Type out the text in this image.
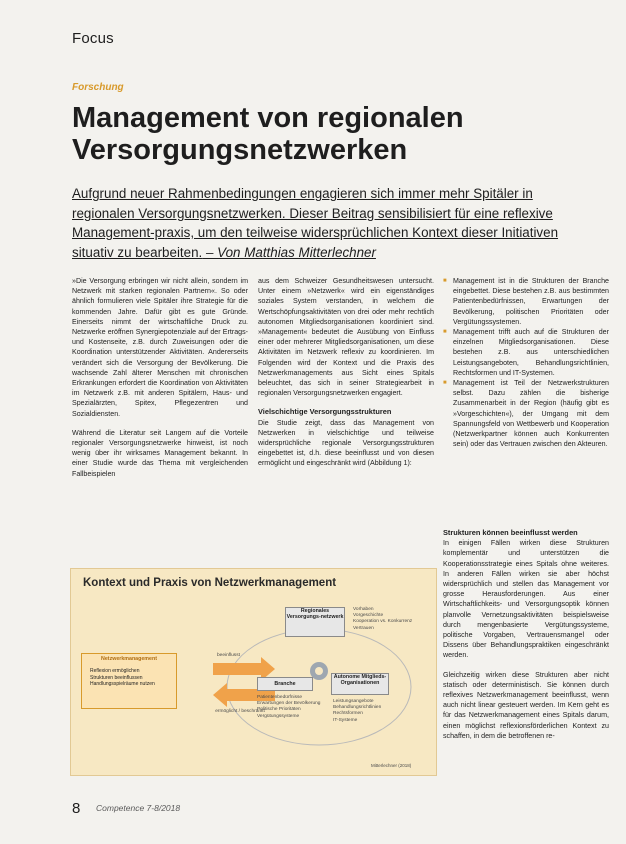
Focus
Forschung
Management von regionalen Versorgungsnetzwerken

Aufgrund neuer Rahmenbedingungen engagieren sich immer mehr Spitäler in regionalen Versorgungsnetzwerken. Dieser Beitrag sensibilisiert für eine reflexive Management-praxis, um den teilweise widersprüchlichen Kontext dieser Initiativen situativ zu bearbeiten. – Von Matthias Mitterlechner

»Die Versorgung erbringen wir nicht allein, sondern im Netzwerk mit starken regionalen Partnern«. So oder ähnlich formulieren viele Spitäler ihre Strategie für die kommenden Jahre. Dafür gibt es gute Gründe. Einerseits nimmt der wirtschaftliche Druck zu. Netzwerke eröffnen Synergiepotenziale auf der Ertrags- und Kostenseite, z.B. durch Zuweisungen oder die Koordination unterstützender Aktivitäten. Andererseits verändert sich die Versorgung der Bevölkerung. Die wachsende Zahl älterer Menschen mit chronischen Erkrankungen erfordert die Koordination von Aktivitäten im Netzwerk z.B. mit anderen Spitälern, Haus- und Spezialärzten, Spitex, Pflegezentren und Sozialdiensten.

Während die Literatur seit Langem auf die Vorteile regionaler Versorgungsnetzwerke hinweist, ist noch wenig über ihr wirksames Management bekannt. In einer Studie wurde das Thema mit vergleichenden Fallbeispielen

aus dem Schweizer Gesundheitswesen untersucht. Unter einem »Netzwerk« wird ein eigenständiges soziales System verstanden, in welchem die Wertschöpfungsaktivitäten von drei oder mehr rechtlich autonomen Mitgliedsorganisationen koordiniert sind. »Management« bedeutet die Ausübung von Einfluss einer oder mehrerer Mitgliedsorganisationen, um diese Aktivitäten im Netzwerk reflexiv zu koordinieren. Im Folgenden wird der Kontext und die Praxis des Netzwerkmanagements aus Sicht eines Spitals beleuchtet, das sich in seiner Strategiearbeit in regionalen Versorgungsnetzwerken engagiert.

Vielschichtige Versorgungsstrukturen

Die Studie zeigt, dass das Management von Netzwerken in vielschichtige und teilweise widersprüchliche regionale Versorgungsstrukturen eingebettet ist, d.h. diese beeinflusst und von diesen ermöglicht und eingeschränkt wird (Abbildung 1):

■ Management ist in die Strukturen der Branche eingebettet. Diese bestehen z.B. aus bestimmten Patientenbedürfnissen, Erwartungen der Bevölkerung, politischen Prioritäten oder Vergütungssystemen.
■ Management trifft auch auf die Strukturen der einzelnen Mitgliedsorganisationen. Diese bestehen z.B. aus unterschiedlichen Leistungsangeboten, Behandlungsrichtlinien, Rechtsformen und IT-Systemen.
■ Management ist Teil der Netzwerkstrukturen selbst. Dazu zählen die bisherige Zusammenarbeit in der Region (häufig gibt es »Vorgeschichten«), der Umgang mit dem Spannungsfeld von Wettbewerb und Kooperation (Netzwerkpartner können auch Konkurrenten sein) oder das Vertrauen zwischen den Akteuren.
Strukturen können beeinflusst werden

In einigen Fällen wirken diese Strukturen komplementär und unterstützen die Kooperationsstrategie eines Spitals ohne weiteres. In anderen Fällen wirken sie aber höchst widersprüchlich und stellen das Management vor grosse Herausforderungen. Aus einer Wirtschaftlichkeits- und Versorgungsoptik können planvolle Vernetzungsaktivitäten beispielsweise durch mengenbasierte Vergütungssysteme, politische Vorgaben, Vertrauensmangel oder Dissens über Behandlungspraktiken eingeschränkt werden.

Gleichzeitig wirken diese Strukturen aber nicht statisch oder deterministisch. Sie können durch reflexives Netzwerkmanagement beeinflusst, wenn auch nicht linear gesteuert werden. Im Kern geht es für das Netzwerkmanagement eines Spitals darum, einen möglichst reflexionsförderlichen Kontext zu schaffen, in dem die betroffenen re-

Kontext und Praxis von Netzwerkmanagement
Regionales Versorgungs-netzwerk
Vorhaben
Vorgeschichte
Kooperation vs. Konkurrenz
Vertrauen
Branche
Patientenbedürfnisse
Erwartungen der Bevölkerung
Politische Prioritäten
Vergütungssysteme
Autonome Mitglieds-Organisationen
Leistungsangebote
Behandlungsrichtlinien
Rechtsformen
IT-Systeme
Netzwerkmanagement
Reflexion ermöglichen
Strukturen beeinflussen
Handlungsspielräume nutzen
beeinflusst
ermöglicht / beschränkt
Mitterlechner (2018)
8 Competence 7-8/2018
